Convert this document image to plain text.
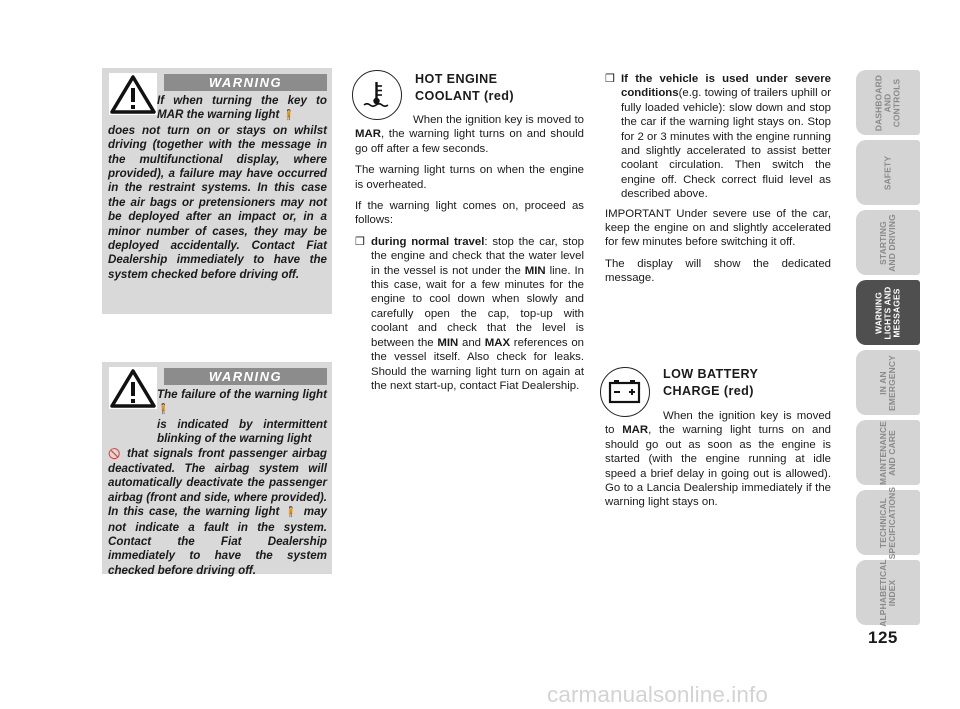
WARNING
If when turning the key to MAR the warning light 🧍
does not turn on or stays on whilst driving (together with the message in the multifunctional display, where provided), a failure may have occurred in the restraint systems. In this case the air bags or pretensioners may not be deployed after an impact or, in a minor number of cases, they may be deployed accidentally. Contact Fiat Dealership immediately to have the system checked before driving off.
WARNING
The failure of the warning light 🧍
is indicated by intermittent blinking of the warning light
🚫 that signals front passenger airbag deactivated. The airbag system will automatically deactivate the passenger airbag (front and side, where provided). In this case, the warning light 🧍 may not indicate a fault in the system. Contact the Fiat Dealership immediately to have the system checked before driving off.
HOT ENGINE
COOLANT (red)

When the ignition key is moved to MAR, the warning light turns on and should go off after a few seconds.

The warning light turns on when the engine is overheated.

If the warning light comes on, proceed as follows:

❒ during normal travel: stop the car, stop the engine and check that the water level in the vessel is not under the MIN line. In this case, wait for a few minutes for the engine to cool down when slowly and carefully open the cap, top-up with coolant and check that the level is between the MIN and MAX references on the vessel itself. Also check for leaks. Should the warning light turn on again at the next start-up, contact Fiat Dealership.
❒ If the vehicle is used under severe conditions(e.g. towing of trailers uphill or fully loaded vehicle): slow down and stop the car if the warning light stays on. Stop for 2 or 3 minutes with the engine running and slightly accelerated to assist better coolant circulation. Then switch the engine off. Check correct fluid level as described above.

IMPORTANT Under severe use of the car, keep the engine on and slightly accelerated for few minutes before switching it off.

The display will show the dedicated message.

LOW BATTERY
CHARGE (red)

When the ignition key is moved to MAR, the warning light turns on and should go out as soon as the engine is started (with the engine running at idle speed a brief delay in going out is allowed). Go to a Lancia Dealership immediately if the warning light stays on.

DASHBOARD
AND
CONTROLS
SAFETY
STARTING
AND DRIVING
WARNING
LIGHTS AND
MESSAGES
IN AN
EMERGENCY
MAINTENANCE
AND CARE
TECHNICAL
SPECIFICATIONS
ALPHABETICAL
INDEX
125
carmanualsonline.info
